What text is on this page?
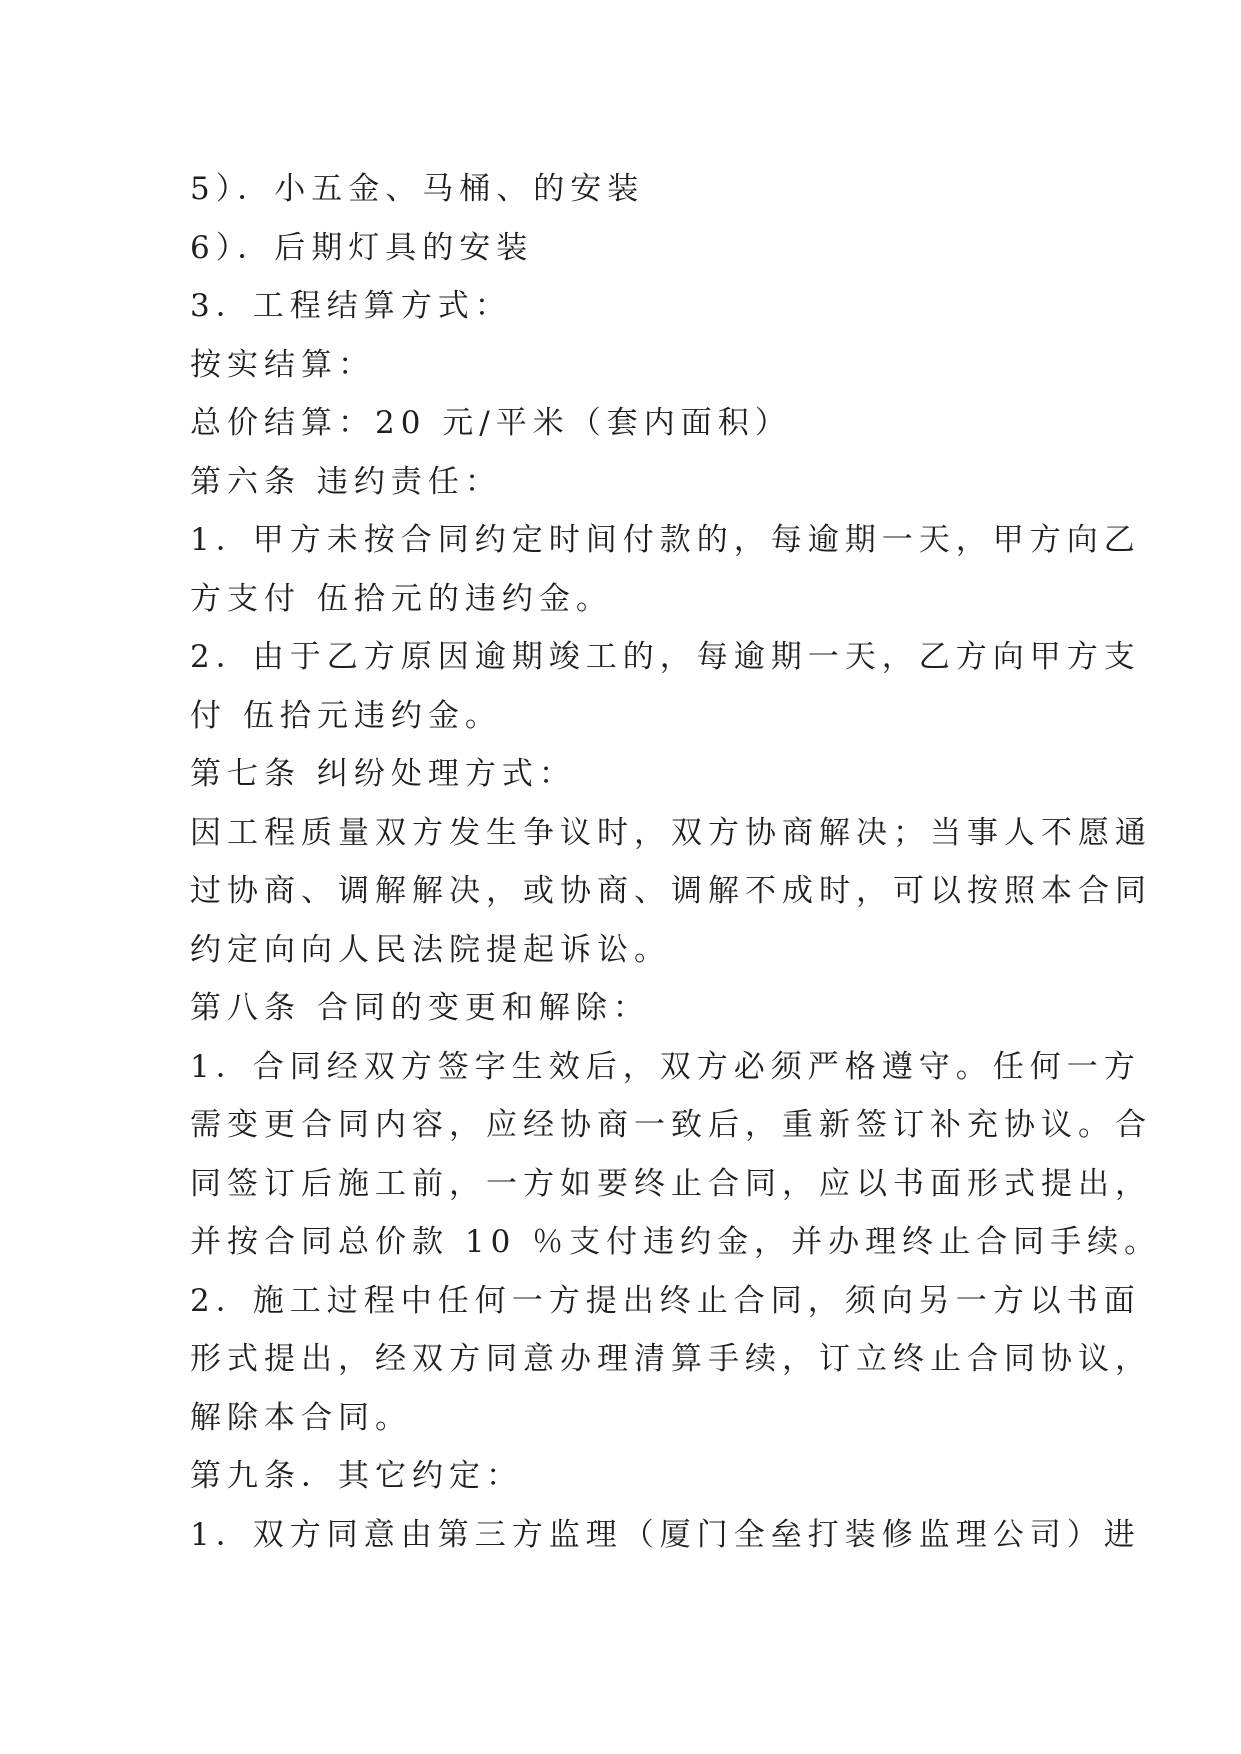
5）．小五金、马桶、的安装
6）．后期灯具的安装
3．工程结算方式：
按实结算：
总价结算：20 元/平米（套内面积）
第六条 违约责任：
1．甲方未按合同约定时间付款的，每逾期一天，甲方向乙
方支付 伍拾元的违约金。
2．由于乙方原因逾期竣工的，每逾期一天，乙方向甲方支
付 伍拾元违约金。
第七条 纠纷处理方式：
因工程质量双方发生争议时，双方协商解决；当事人不愿通
过协商、调解解决，或协商、调解不成时，可以按照本合同
约定向向人民法院提起诉讼。
第八条 合同的变更和解除：
1．合同经双方签字生效后，双方必须严格遵守。任何一方
需变更合同内容，应经协商一致后，重新签订补充协议。合
同签订后施工前，一方如要终止合同，应以书面形式提出，
并按合同总价款 10 ％支付违约金，并办理终止合同手续。
2．施工过程中任何一方提出终止合同，须向另一方以书面
形式提出，经双方同意办理清算手续，订立终止合同协议，
解除本合同。
第九条．其它约定：
1．双方同意由第三方监理（厦门全垒打装修监理公司）进
